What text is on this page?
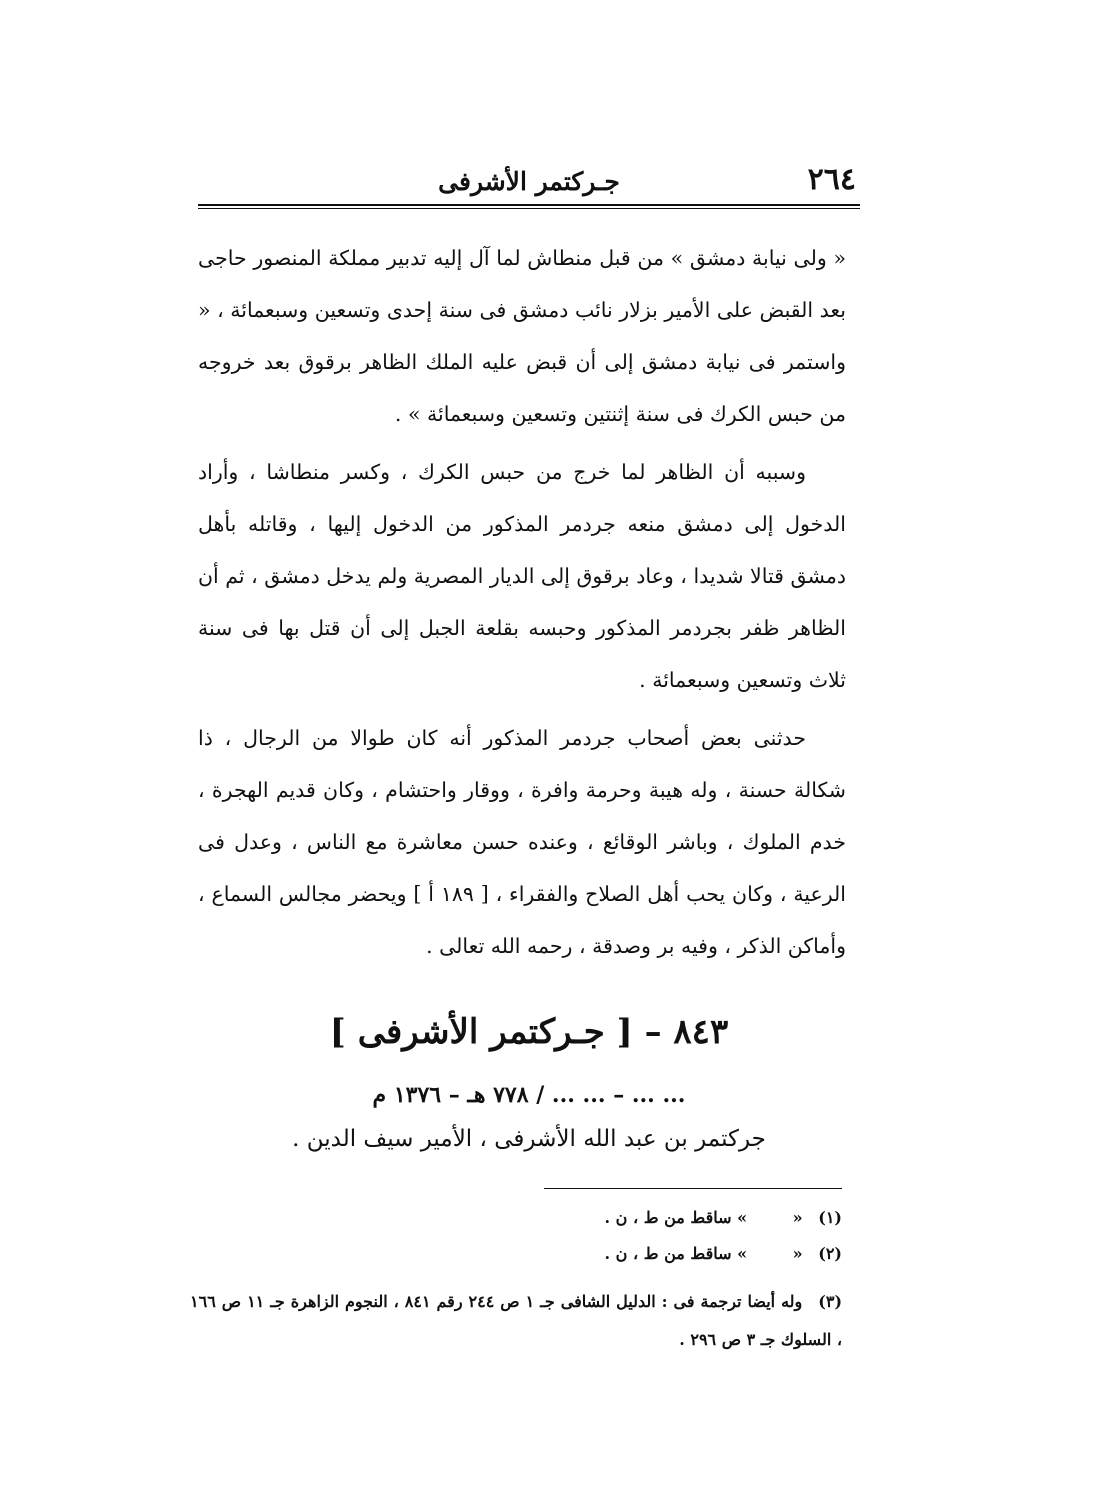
جـركتمر الأشرفى	٢٦٤

« ولى نيابة دمشق » من قبل منطاش لما آل إليه تدبير مملكة المنصور حاجى بعد القبض على الأمير بزلار نائب دمشق فى سنة إحدى وتسعين وسبعمائة ، « واستمر فى نيابة دمشق إلى أن قبض عليه الملك الظاهر برقوق بعد خروجه من حبس الكرك فى سنة إثنتين وتسعين وسبعمائة » .

وسببه أن الظاهر لما خرج من حبس الكرك ، وكسر منطاشا ، وأراد الدخول إلى دمشق منعه جردمر المذكور من الدخول إليها ، وقاتله بأهل دمشق قتالا شديدا ، وعاد برقوق إلى الديار المصرية ولم يدخل دمشق ، ثم أن الظاهر ظفر بجردمر المذكور وحبسه بقلعة الجبل إلى أن قتل بها فى سنة ثلاث وتسعين وسبعمائة .

حدثنى بعض أصحاب جردمر المذكور أنه كان طوالا من الرجال ، ذا شكالة حسنة ، وله هيبة وحرمة وافرة ، ووقار واحتشام ، وكان قديم الهجرة ، خدم الملوك ، وباشر الوقائع ، وعنده حسن معاشرة مع الناس ، وعدل فى الرعية ، وكان يحب أهل الصلاح والفقراء ، [ ١٨٩ أ ] ويحضر مجالس السماع ، وأماكن الذكر ، وفيه بر وصدقة ، رحمه الله تعالى .

٨٤٣ – [ جـركتمر الأشرفى ]
... ... – ... ... / ٧٧٨ هـ – ١٣٧٦ م
جركتمر بن عبد الله الأشرفى ، الأمير سيف الدين .
(١) « » ساقط من ط ، ن .
(٢) « » ساقط من ط ، ن .
(٣) وله أيضا ترجمة فى : الدليل الشافى جـ ١ ص ٢٤٤ رقم ٨٤١ ، النجوم الزاهرة جـ ١١ ص ١٦٦ ، السلوك جـ ٣ ص ٢٩٦ .
